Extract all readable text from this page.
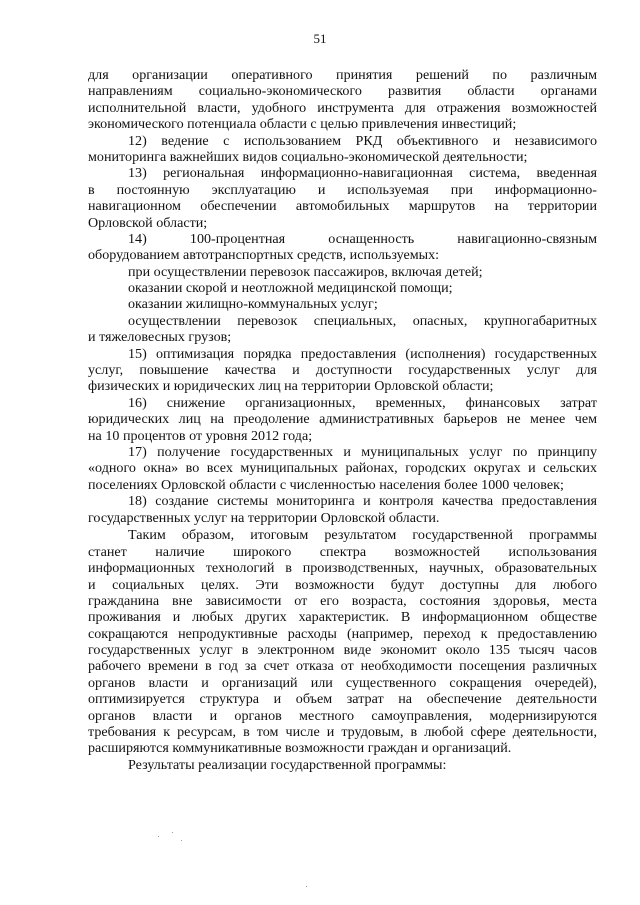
51
для организации оперативного принятия решений по различным
направлениям социально-экономического развития области органами
исполнительной власти, удобного инструмента для отражения возможностей
экономического потенциала области с целью привлечения инвестиций;
12) ведение с использованием РКД объективного и независимого
мониторинга важнейших видов социально-экономической деятельности;
13) региональная информационно-навигационная система, введенная
в постоянную эксплуатацию и используемая при информационно-
навигационном обеспечении автомобильных маршрутов на территории
Орловской области;
14) 100-процентная оснащенность навигационно-связным
оборудованием автотранспортных средств, используемых:
при осуществлении перевозок пассажиров, включая детей;
оказании скорой и неотложной медицинской помощи;
оказании жилищно-коммунальных услуг;
осуществлении перевозок специальных, опасных, крупногабаритных
и тяжеловесных грузов;
15) оптимизация порядка предоставления (исполнения) государственных
услуг, повышение качества и доступности государственных услуг для
физических и юридических лиц на территории Орловской области;
16) снижение организационных, временных, финансовых затрат
юридических лиц на преодоление административных барьеров не менее чем
на 10 процентов от уровня 2012 года;
17) получение государственных и муниципальных услуг по принципу
«одного окна» во всех муниципальных районах, городских округах и сельских
поселениях Орловской области с численностью населения более 1000 человек;
18) создание системы мониторинга и контроля качества предоставления
государственных услуг на территории Орловской области.
Таким образом, итоговым результатом государственной программы
станет наличие широкого спектра возможностей использования
информационных технологий в производственных, научных, образовательных
и социальных целях. Эти возможности будут доступны для любого
гражданина вне зависимости от его возраста, состояния здоровья, места
проживания и любых других характеристик. В информационном обществе
сокращаются непродуктивные расходы (например, переход к предоставлению
государственных услуг в электронном виде экономит около 135 тысяч часов
рабочего времени в год за счет отказа от необходимости посещения различных
органов власти и организаций или существенного сокращения очередей),
оптимизируется структура и объем затрат на обеспечение деятельности
органов власти и органов местного самоуправления, модернизируются
требования к ресурсам, в том числе и трудовым, в любой сфере деятельности,
расширяются коммуникативные возможности граждан и организаций.
Результаты реализации государственной программы:
